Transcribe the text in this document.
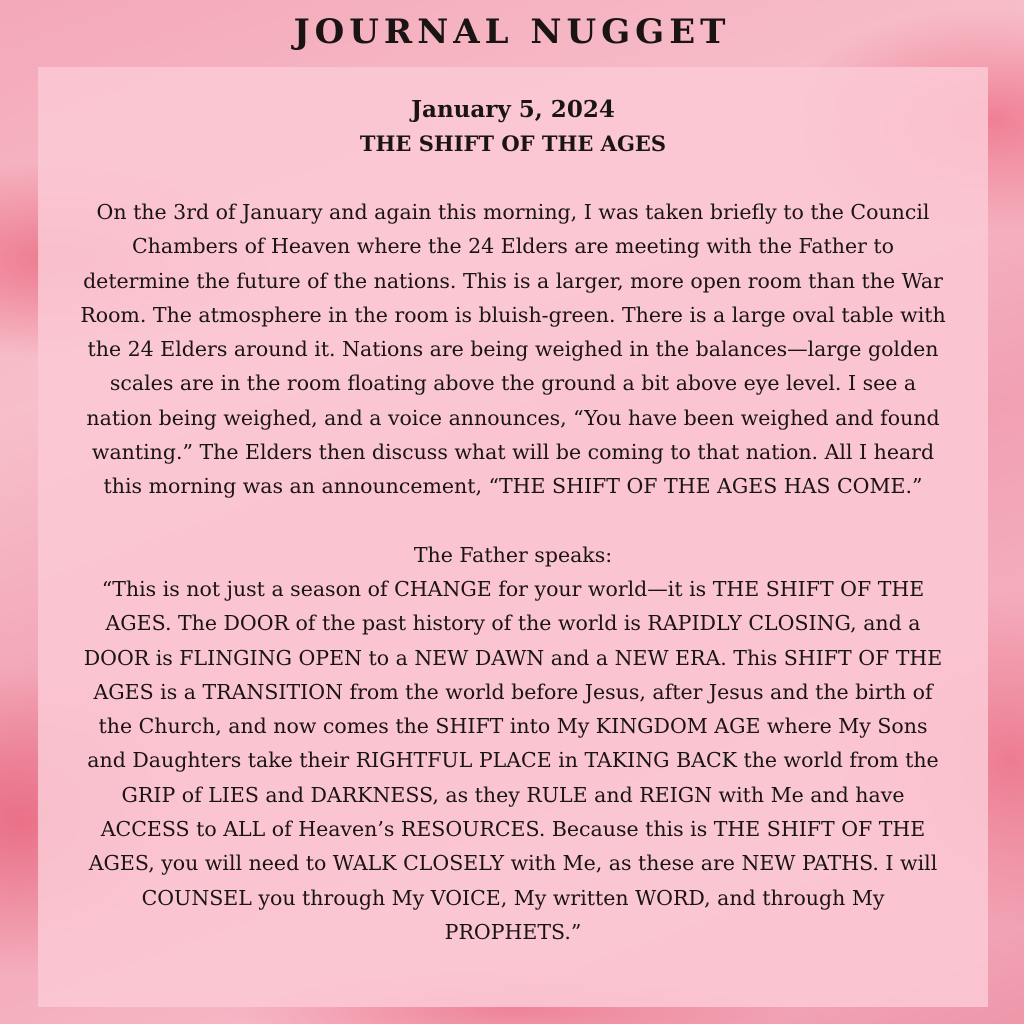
JOURNAL NUGGET
January 5, 2024
THE SHIFT OF THE AGES

On the 3rd of January and again this morning, I was taken briefly to the Council Chambers of Heaven where the 24 Elders are meeting with the Father to determine the future of the nations. This is a larger, more open room than the War Room. The atmosphere in the room is bluish-green. There is a large oval table with the 24 Elders around it. Nations are being weighed in the balances—large golden scales are in the room floating above the ground a bit above eye level. I see a nation being weighed, and a voice announces, “You have been weighed and found wanting.” The Elders then discuss what will be coming to that nation. All I heard this morning was an announcement, “THE SHIFT OF THE AGES HAS COME.”

The Father speaks:

“This is not just a season of CHANGE for your world—it is THE SHIFT OF THE AGES. The DOOR of the past history of the world is RAPIDLY CLOSING, and a DOOR is FLINGING OPEN to a NEW DAWN and a NEW ERA. This SHIFT OF THE AGES is a TRANSITION from the world before Jesus, after Jesus and the birth of the Church, and now comes the SHIFT into My KINGDOM AGE where My Sons and Daughters take their RIGHTFUL PLACE in TAKING BACK the world from the GRIP of LIES and DARKNESS, as they RULE and REIGN with Me and have ACCESS to ALL of Heaven’s RESOURCES. Because this is THE SHIFT OF THE AGES, you will need to WALK CLOSELY with Me, as these are NEW PATHS. I will COUNSEL you through My VOICE, My written WORD, and through My PROPHETS.”
